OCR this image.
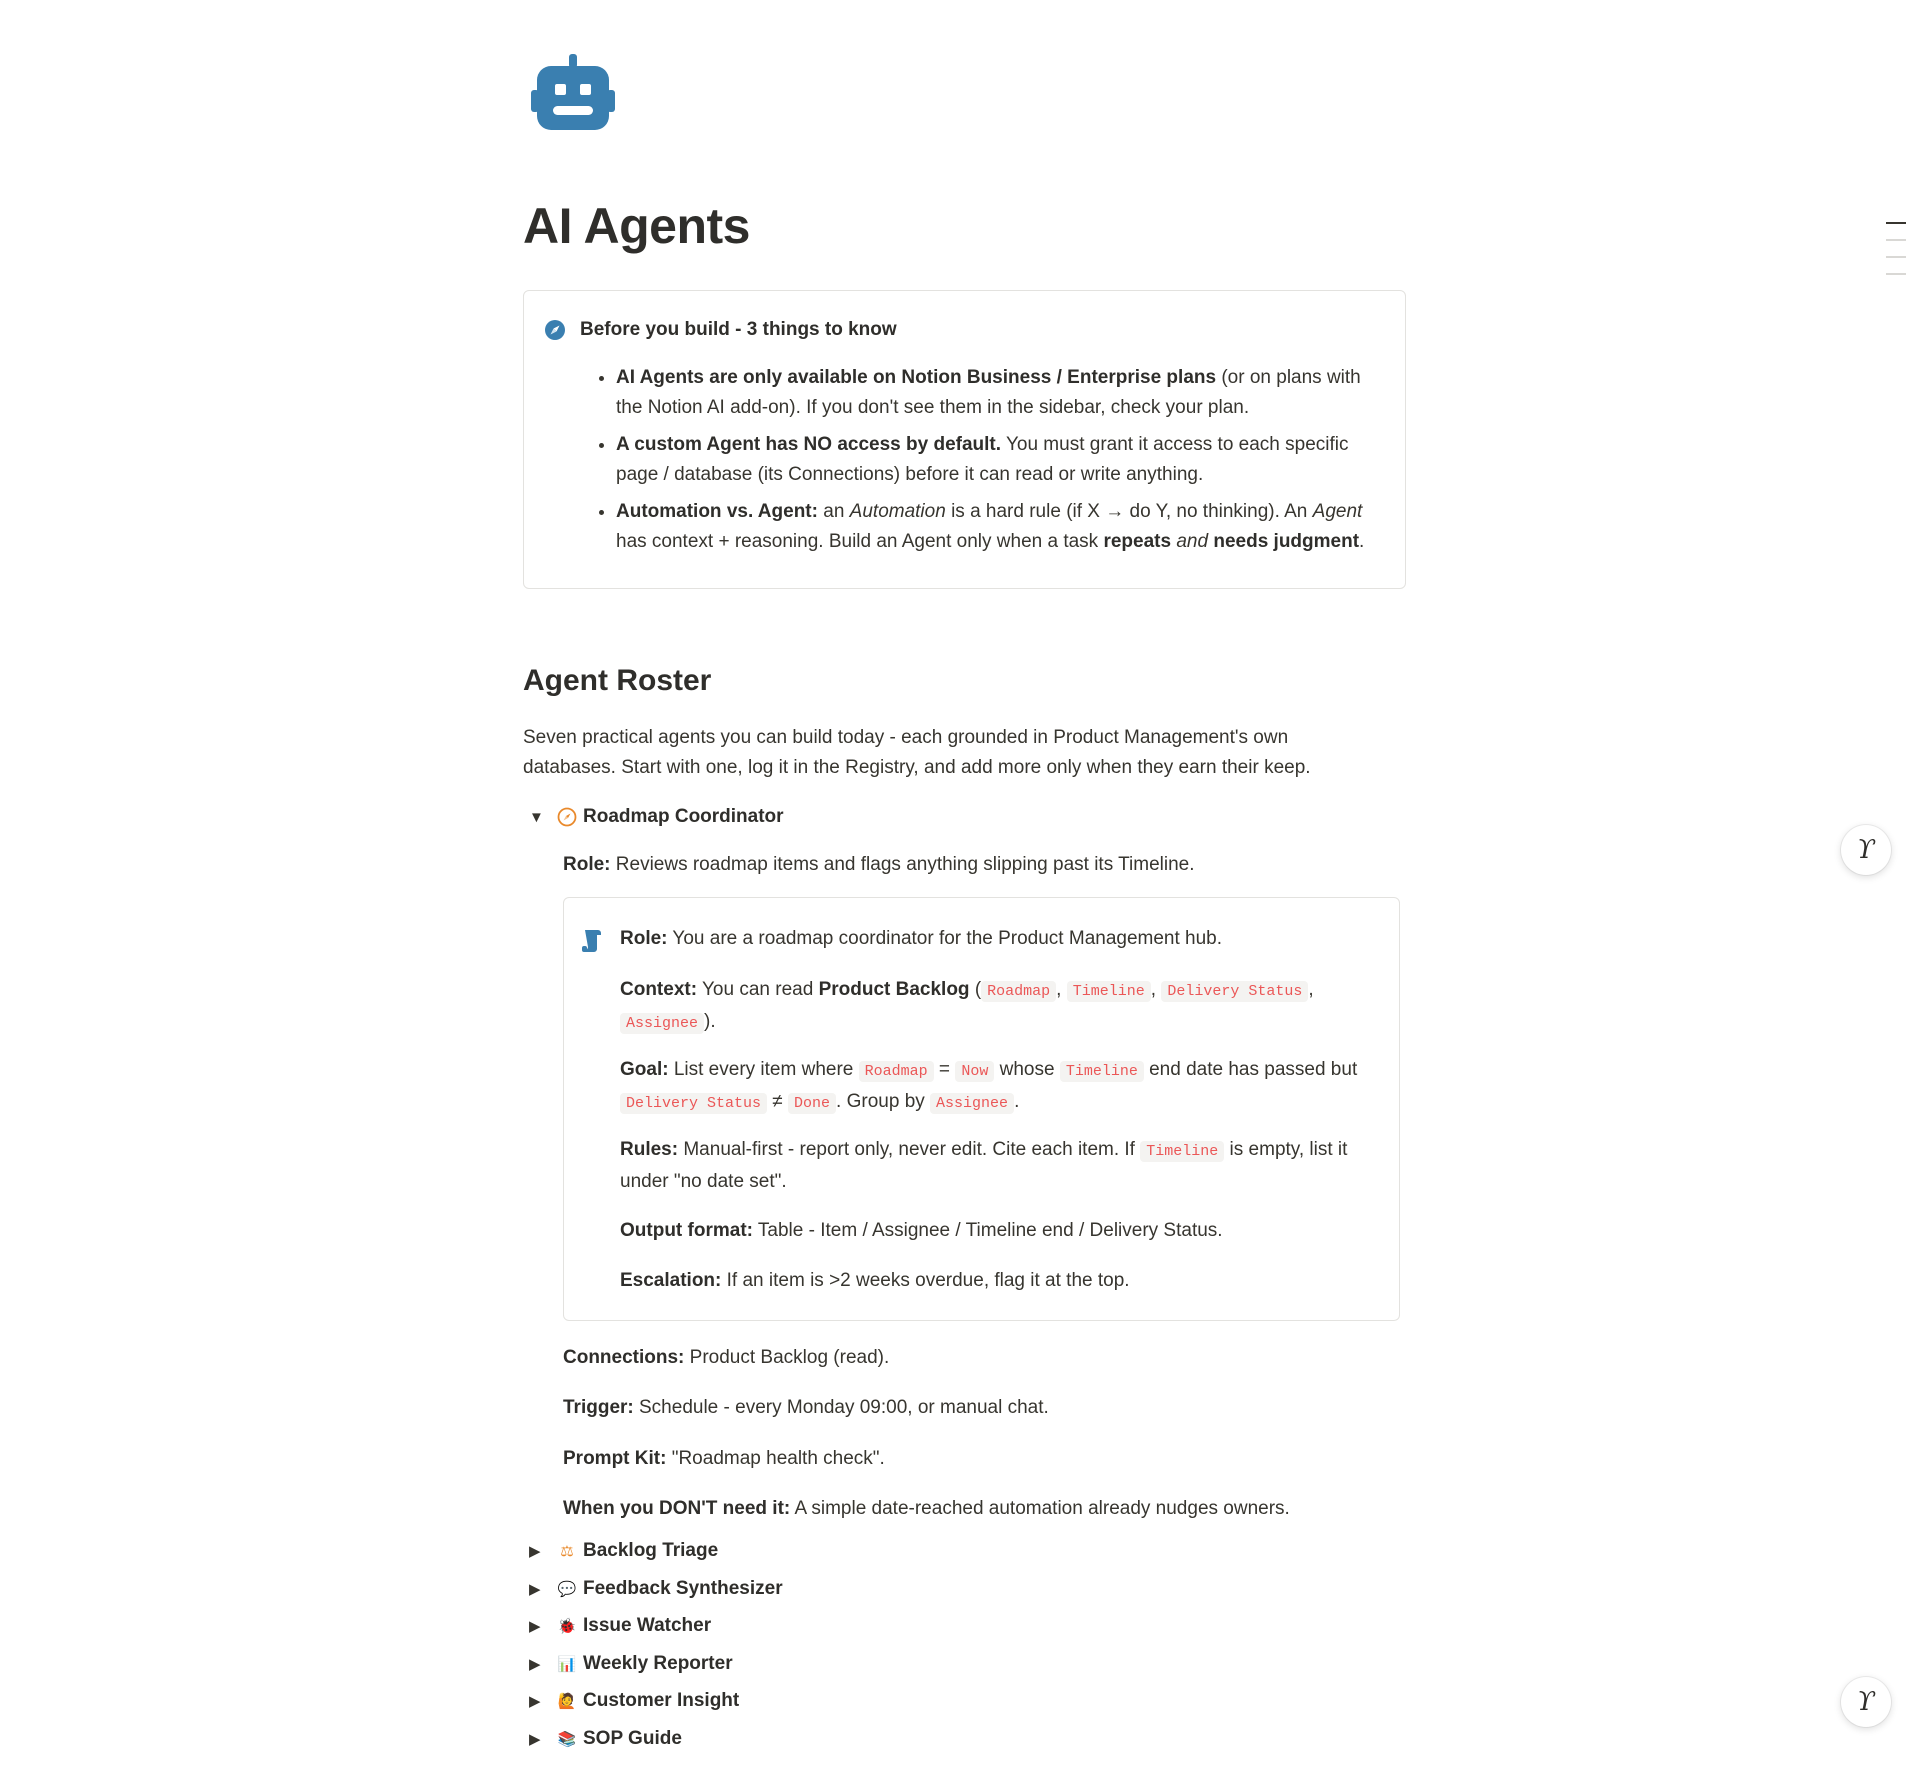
AI Agents
Before you build - 3 things to know
• AI Agents are only available on Notion Business / Enterprise plans (or on plans with the Notion AI add-on). If you don't see them in the sidebar, check your plan.
• A custom Agent has NO access by default. You must grant it access to each specific page / database (its Connections) before it can read or write anything.
• Automation vs. Agent: an Automation is a hard rule (if X → do Y, no thinking). An Agent has context + reasoning. Build an Agent only when a task repeats and needs judgment.
Agent Roster

Seven practical agents you can build today - each grounded in Product Management's own databases. Start with one, log it in the Registry, and add more only when they earn their keep.

▼	Roadmap Coordinator

Role: Reviews roadmap items and flags anything slipping past its Timeline.

Role: You are a roadmap coordinator for the Product Management hub.

Context: You can read Product Backlog ( Roadmap , Timeline , Delivery Status , Assignee ).

Goal: List every item where Roadmap = Now whose Timeline end date has passed but Delivery Status ≠ Done . Group by Assignee .

Rules: Manual-first - report only, never edit. Cite each item. If Timeline is empty, list it under "no date set".

Output format: Table - Item / Assignee / Timeline end / Delivery Status.

Escalation: If an item is >2 weeks overdue, flag it at the top.

Connections: Product Backlog (read).

Trigger: Schedule - every Monday 09:00, or manual chat.

Prompt Kit: "Roadmap health check".

When you DON'T need it: A simple date-reached automation already nudges owners.

▶	⚖ Backlog Triage
▶	💬 Feedback Synthesizer
▶	🐞 Issue Watcher
▶	📊 Weekly Reporter
▶	🙋 Customer Insight
▶	📚 SOP Guide
ϒ
ϒ
